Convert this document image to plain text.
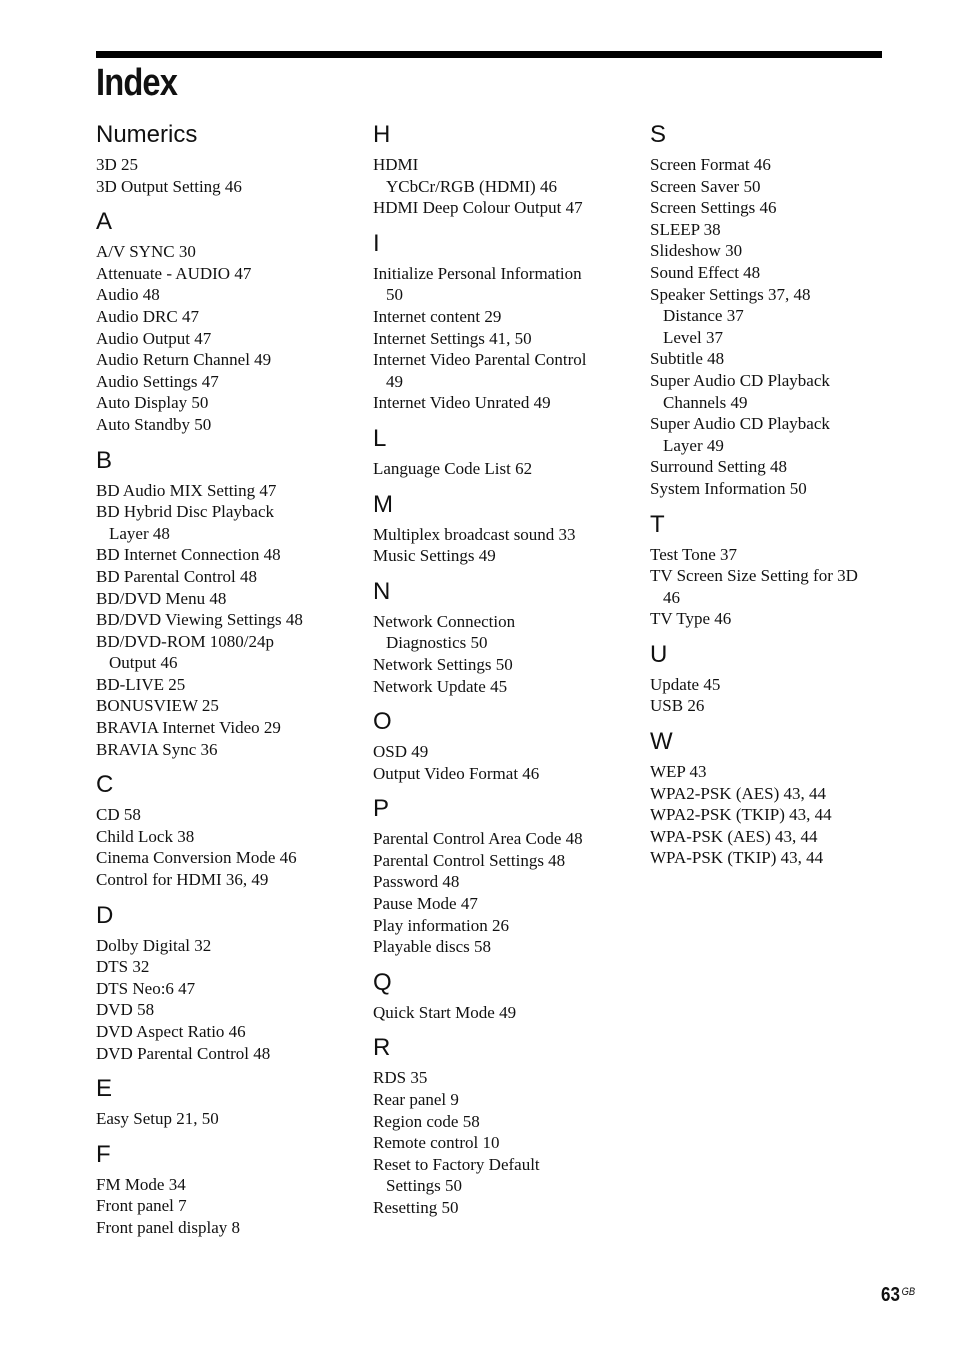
Index
Numerics

3D 25

3D Output Setting 46

A

A/V SYNC 30

Attenuate - AUDIO 47

Audio 48

Audio DRC 47

Audio Output 47

Audio Return Channel 49

Audio Settings 47

Auto Display 50

Auto Standby 50

B

BD Audio MIX Setting 47

BD Hybrid Disc Playback
Layer 48

BD Internet Connection 48

BD Parental Control 48

BD/DVD Menu 48

BD/DVD Viewing Settings 48

BD/DVD-ROM 1080/24p
Output 46

BD-LIVE 25

BONUSVIEW 25

BRAVIA Internet Video 29

BRAVIA Sync 36

C

CD 58

Child Lock 38

Cinema Conversion Mode 46

Control for HDMI 36, 49

D

Dolby Digital 32

DTS 32

DTS Neo:6 47

DVD 58

DVD Aspect Ratio 46

DVD Parental Control 48

E

Easy Setup 21, 50

F

FM Mode 34

Front panel 7

Front panel display 8

H

HDMI
YCbCr/RGB (HDMI) 46

HDMI Deep Colour Output 47

I

Initialize Personal Information
50

Internet content 29

Internet Settings 41, 50

Internet Video Parental Control
49

Internet Video Unrated 49

L

Language Code List 62

M

Multiplex broadcast sound 33

Music Settings 49

N

Network Connection
Diagnostics 50

Network Settings 50

Network Update 45

O

OSD 49

Output Video Format 46

P

Parental Control Area Code 48

Parental Control Settings 48

Password 48

Pause Mode 47

Play information 26

Playable discs 58

Q

Quick Start Mode 49

R

RDS 35

Rear panel 9

Region code 58

Remote control 10

Reset to Factory Default
Settings 50

Resetting 50

S

Screen Format 46

Screen Saver 50

Screen Settings 46

SLEEP 38

Slideshow 30

Sound Effect 48

Speaker Settings 37, 48

Distance 37

Level 37

Subtitle 48

Super Audio CD Playback
Channels 49

Super Audio CD Playback
Layer 49

Surround Setting 48

System Information 50

T

Test Tone 37

TV Screen Size Setting for 3D
46

TV Type 46

U

Update 45

USB 26

W

WEP 43

WPA2-PSK (AES) 43, 44

WPA2-PSK (TKIP) 43, 44

WPA-PSK (AES) 43, 44

WPA-PSK (TKIP) 43, 44

63 $^{GB}$
